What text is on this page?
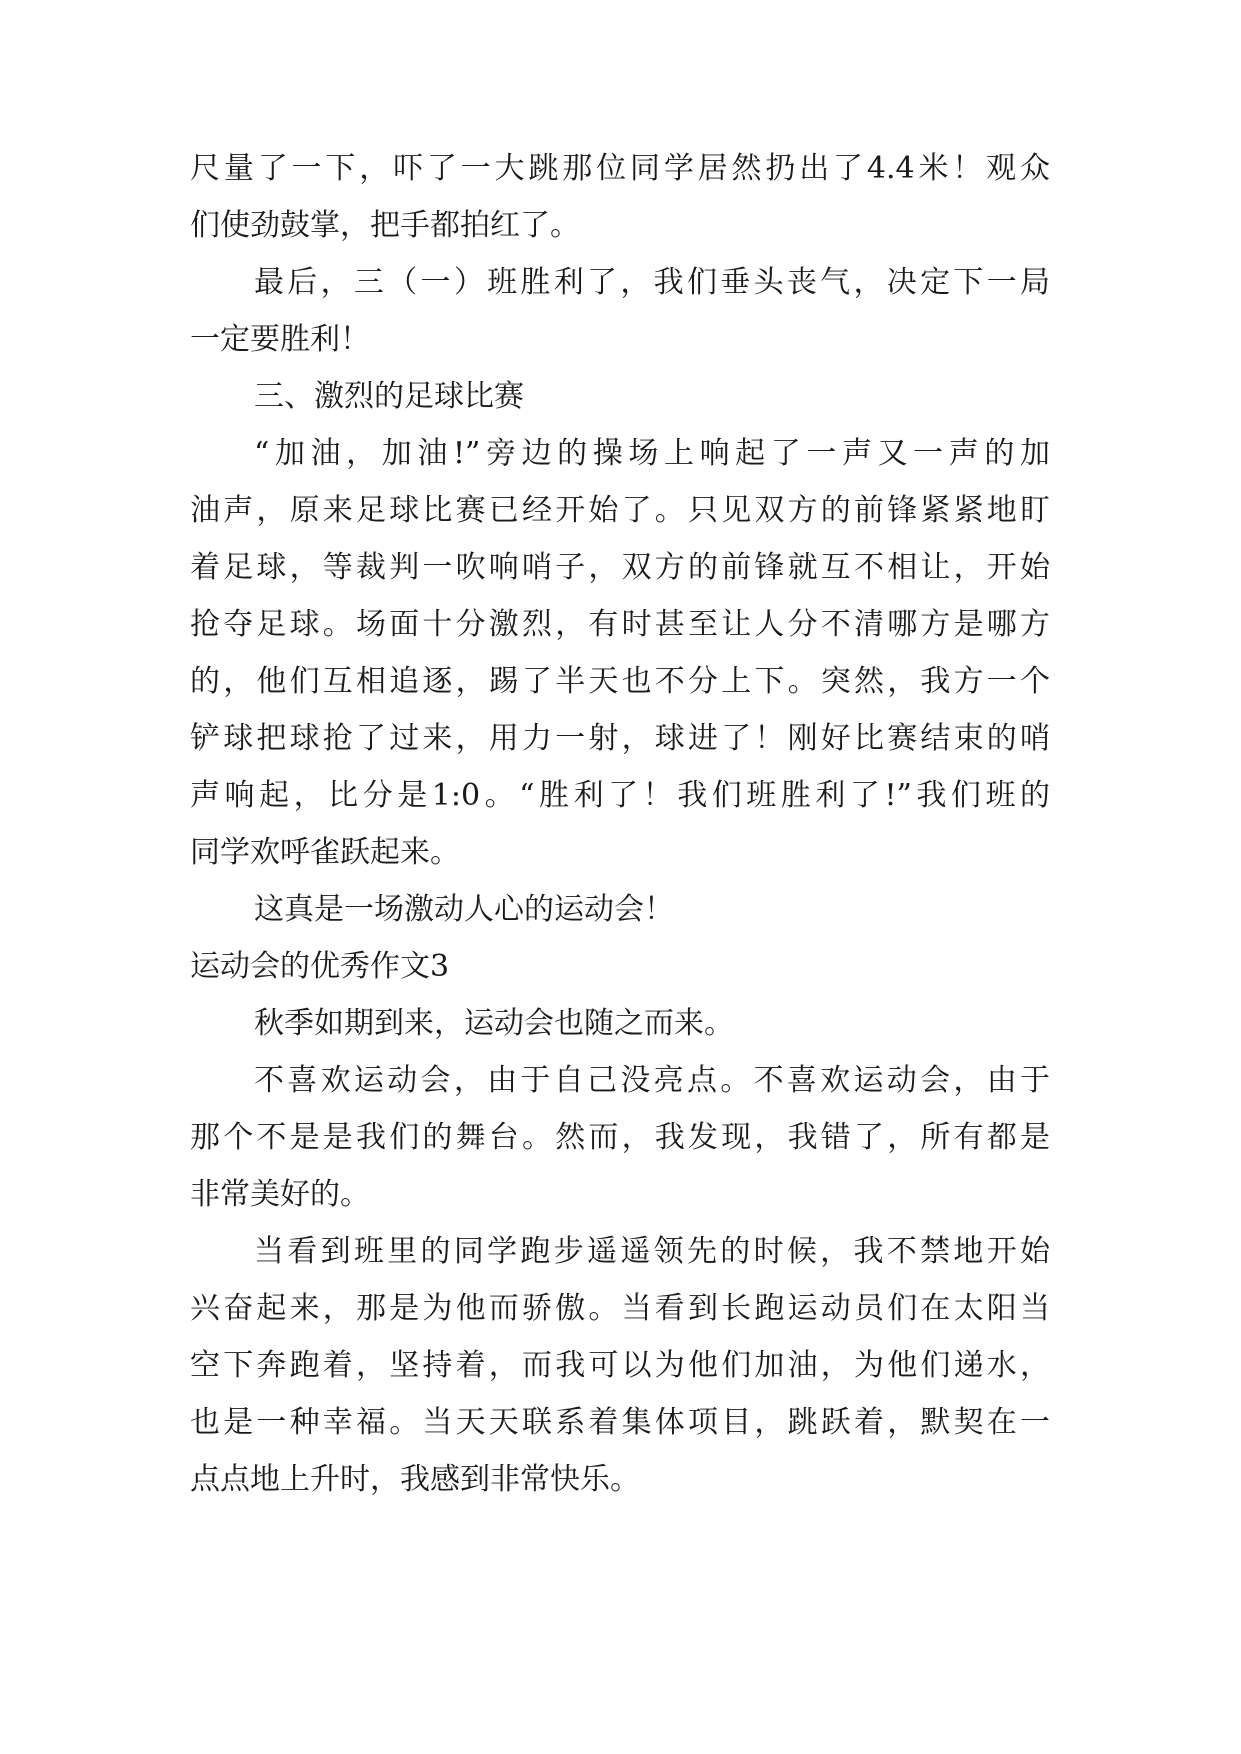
尺量了一下，吓了一大跳那位同学居然扔出了4.4米！观众
们使劲鼓掌，把手都拍红了。
最后，三（一）班胜利了，我们垂头丧气，决定下一局
一定要胜利！
三、激烈的足球比赛
“加油，加油!”旁边的操场上响起了一声又一声的加
油声，原来足球比赛已经开始了。只见双方的前锋紧紧地盯
着足球，等裁判一吹响哨子，双方的前锋就互不相让，开始
抢夺足球。场面十分激烈，有时甚至让人分不清哪方是哪方
的，他们互相追逐，踢了半天也不分上下。突然，我方一个
铲球把球抢了过来，用力一射，球进了！刚好比赛结束的哨
声响起，比分是1:0。“胜利了！我们班胜利了!”我们班的
同学欢呼雀跃起来。
这真是一场激动人心的运动会！
运动会的优秀作文3
秋季如期到来，运动会也随之而来。
不喜欢运动会，由于自己没亮点。不喜欢运动会，由于
那个不是是我们的舞台。然而，我发现，我错了，所有都是
非常美好的。
当看到班里的同学跑步遥遥领先的时候，我不禁地开始
兴奋起来，那是为他而骄傲。当看到长跑运动员们在太阳当
空下奔跑着，坚持着，而我可以为他们加油，为他们递水，
也是一种幸福。当天天联系着集体项目，跳跃着，默契在一
点点地上升时，我感到非常快乐。
